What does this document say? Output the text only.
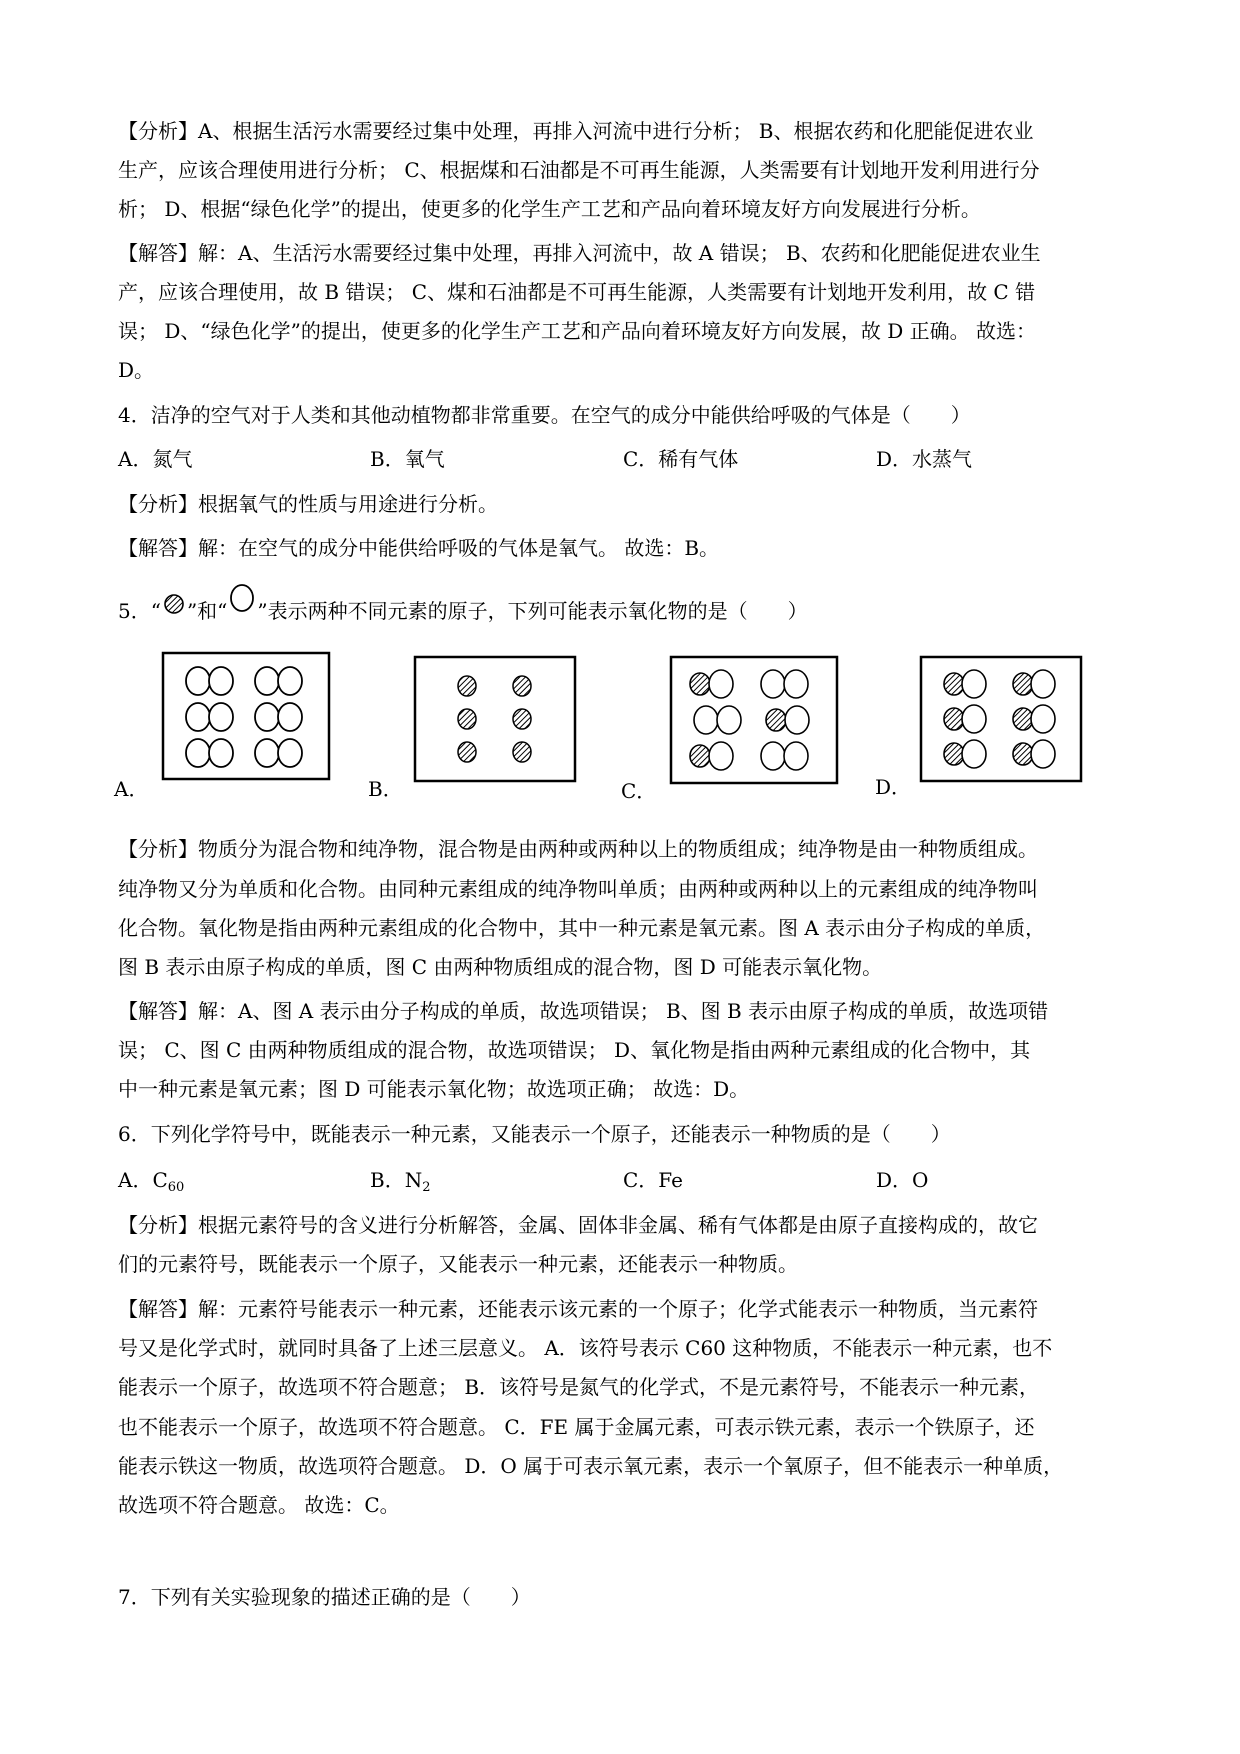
【分析】A、根据生活污水需要经过集中处理，再排入河流中进行分析； B、根据农药和化肥能促进农业
生产，应该合理使用进行分析； C、根据煤和石油都是不可再生能源，人类需要有计划地开发利用进行分
析； D、根据“绿色化学”的提出，使更多的化学生产工艺和产品向着环境友好方向发展进行分析。
【解答】解：A、生活污水需要经过集中处理，再排入河流中，故 A 错误； B、农药和化肥能促进农业生
产，应该合理使用，故 B 错误； C、煤和石油都是不可再生能源，人类需要有计划地开发利用，故 C 错
误； D、“绿色化学”的提出，使更多的化学生产工艺和产品向着环境友好方向发展，故 D 正确。 故选：
D。
4．洁净的空气对于人类和其他动植物都非常重要。在空气的成分中能供给呼吸的气体是（　　）
A．氮气	B．氧气	C．稀有气体	D．水蒸气
【分析】根据氧气的性质与用途进行分析。
【解答】解：在空气的成分中能供给呼吸的气体是氧气。 故选：B。
5．“ ”和“ ”表示两种不同元素的原子，下列可能表示氧化物的是（　　）
A．	B．	C．	D．
【分析】物质分为混合物和纯净物，混合物是由两种或两种以上的物质组成；纯净物是由一种物质组成。
纯净物又分为单质和化合物。由同种元素组成的纯净物叫单质；由两种或两种以上的元素组成的纯净物叫
化合物。氧化物是指由两种元素组成的化合物中，其中一种元素是氧元素。图 A 表示由分子构成的单质，
图 B 表示由原子构成的单质，图 C 由两种物质组成的混合物，图 D 可能表示氧化物。
【解答】解：A、图 A 表示由分子构成的单质，故选项错误； B、图 B 表示由原子构成的单质，故选项错
误； C、图 C 由两种物质组成的混合物，故选项错误； D、氧化物是指由两种元素组成的化合物中，其
中一种元素是氧元素；图 D 可能表示氧化物；故选项正确； 故选：D。
6．下列化学符号中，既能表示一种元素，又能表示一个原子，还能表示一种物质的是（　　）
A．$C_{60}$	B．$N_2$	C．Fe	D．O
【分析】根据元素符号的含义进行分析解答，金属、固体非金属、稀有气体都是由原子直接构成的，故它
们的元素符号，既能表示一个原子，又能表示一种元素，还能表示一种物质。
【解答】解：元素符号能表示一种元素，还能表示该元素的一个原子；化学式能表示一种物质，当元素符
号又是化学式时，就同时具备了上述三层意义。 A．该符号表示 C60 这种物质，不能表示一种元素，也不
能表示一个原子，故选项不符合题意； B．该符号是氮气的化学式，不是元素符号，不能表示一种元素，
也不能表示一个原子，故选项不符合题意。 C．FE 属于金属元素，可表示铁元素，表示一个铁原子，还
能表示铁这一物质，故选项符合题意。 D．O 属于可表示氧元素，表示一个氧原子，但不能表示一种单质，
故选项不符合题意。 故选：C。
7．下列有关实验现象的描述正确的是（　　）
